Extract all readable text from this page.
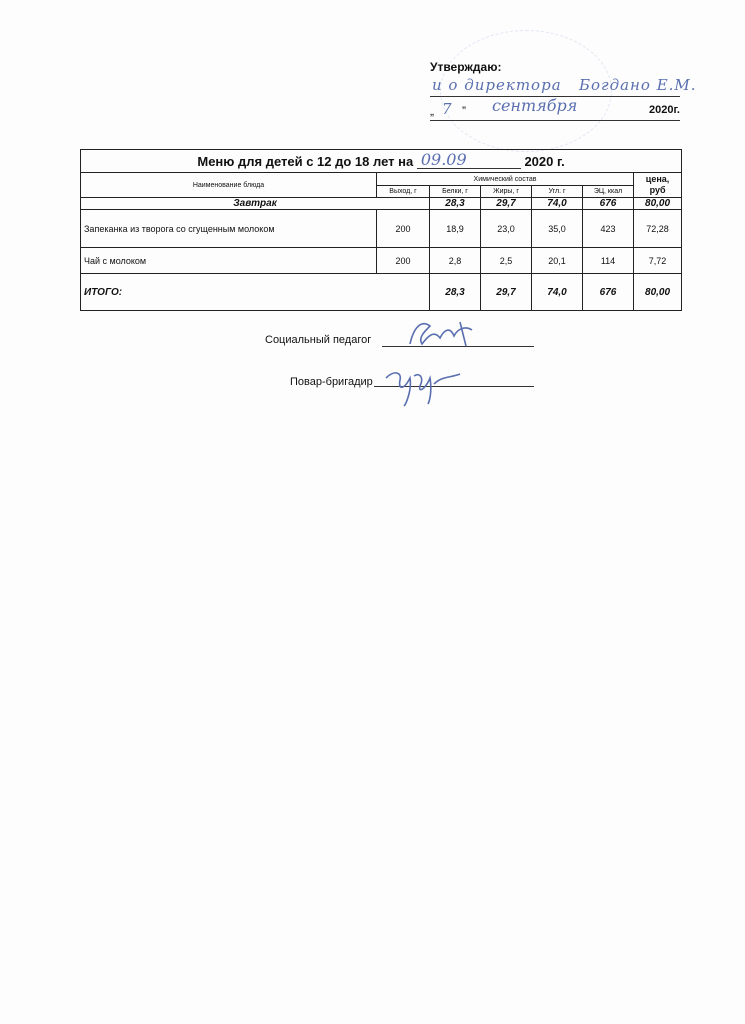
Утверждаю:
и о директора Богдано Е.М.
„ 7 ” сентября	2020г.
Меню для детей с 12 до 18 лет на 09.09 2020 г.						
Наименование блюда	Химический состав					цена, руб
	Выход, г	Белки, г	Жиры, г	Угл. г	ЭЦ, ккал	
Завтрак		28,3	29,7	74,0	676	80,00
Запеканка из творога со сгущенным молоком	200	18,9	23,0	35,0	423	72,28
Чай с молоком	200	2,8	2,5	20,1	114	7,72
ИТОГО:		28,3	29,7	74,0	676	80,00
Социальный педагог
Повар-бригадир
